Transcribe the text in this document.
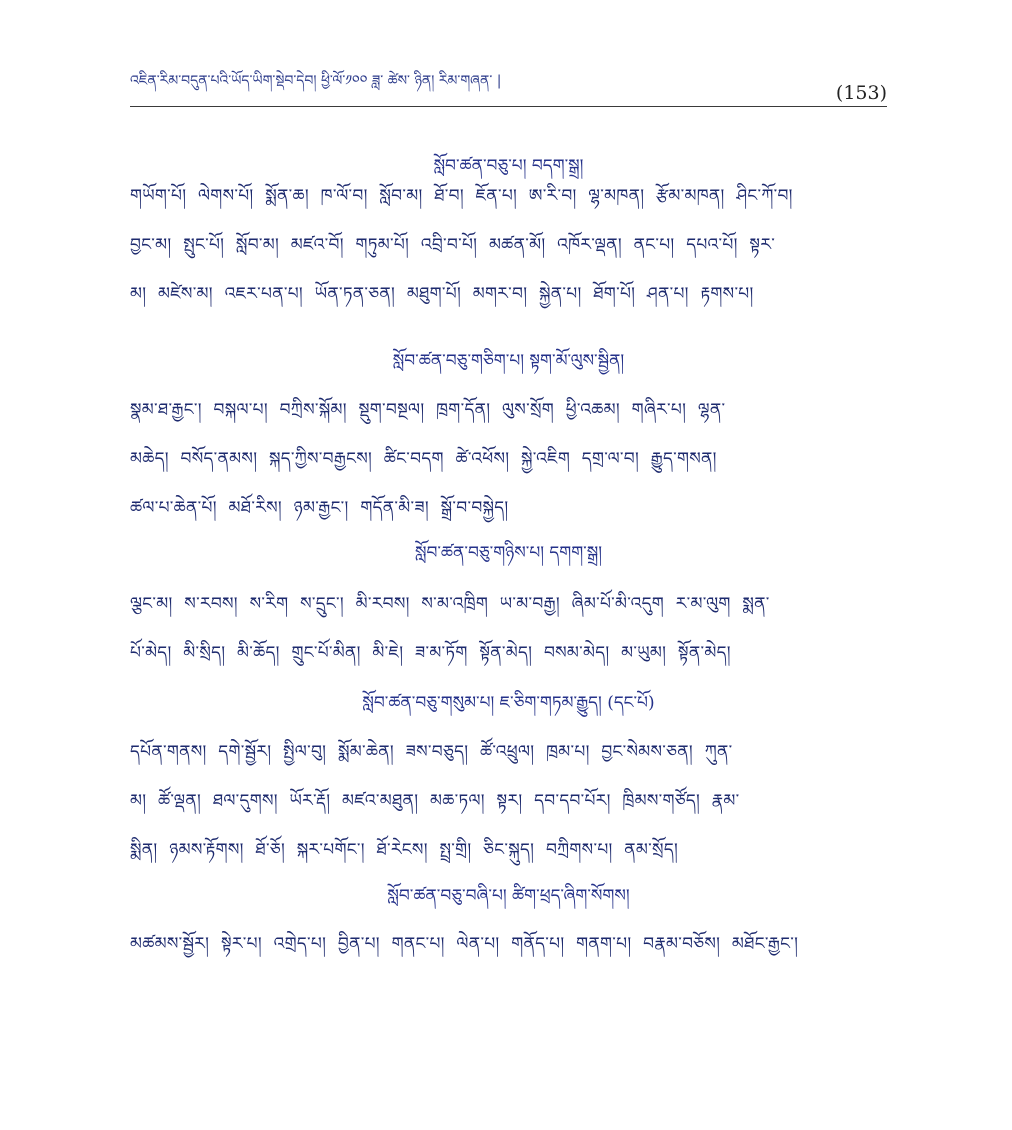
འཇིན་རིམ་བདུན་པའི་ཡོད་ཡིག་སྡེབ་དེབ། ཕྱི་ལོ་༡༠༠ ཟླ་ ཚེས་ ཉིན། རིམ་གཞན་ |
(153)
སློབ་ཚན་བཅུ་པ། བདག་སྒྲ།
གཡོག་པོ། ལེགས་པོ། སྨོན་ཆ། ཁ་ལོ་བ། སློབ་མ། ཐོ་བ། ཇོན་པ། ཨ་རི་བ། ལྷ་མཁན། རྩོམ་མཁན། ཤིང་ཀོ་བ།
བྱང་མ། སྤུང་པོ། སློབ་མ། མཛའ་བོ། གཏུམ་པོ། འབྲི་བ་པོ། མཚན་མོ། འཁོར་ལྡན། ནང་པ། དཔའ་པོ། སྟར་
མ། མཛེས་མ། འཇར་པན་པ། ཡོན་ཏན་ཅན། མཐུག་པོ། མགར་བ། སྐྱེན་པ། ཐོག་པོ། ཤན་པ། རྟགས་པ།
སློབ་ཚན་བཅུ་གཅིག་པ། སྟག་མོ་ལུས་སྦྱིན།
སྣམ་ཐ་རྒྱང་། བསྐལ་པ། བཀྲིས་སྐོམ། སྡུག་བསྔལ། ཁྲག་དོན། ལུས་སྲོག ཕྱི་འཆམ། གཞིར་པ། ལྷན་
མཆེད། བསོད་ནམས། སྐད་ཀྱིས་བརྒྱངས། ཚིང་བདག ཚེ་འཕོས། སྐྱེ་འཇིག དགྲ་ལ་བ། རྒྱུད་གསན།
ཚལ་པ་ཆེན་པོ། མཐོ་རིས། ཉམ་རྒྱང་། གདོན་མི་ཟ། སྒྲོ་བ་བསྐྱེད།
སློབ་ཚན་བཅུ་གཉིས་པ། དགག་སྒྲ།
ལྕང་མ། ས་རབས། ས་རིག ས་དྲུང་། མི་རབས། ས་མ་འཁྲིག ཡ་མ་བརྒྱ། ཞིམ་པོ་མི་འདུག ར་མ་ལུག སྨན་
པོ་མེད། མི་སྲིད། མི་ཆོད། གྲུང་པོ་མིན། མི་ཇེ། ཟ་མ་ཏོག སྟོན་མེད། བསམ་མེད། མ་ཡུམ། སྟོན་མེད།
སློབ་ཚན་བཅུ་གསུམ་པ། ཇ་ཅིག་གཏམ་རྒྱུད། (དང་པོ)
དཔོན་གནས། དགེ་སྦྱོར། སྤྱིལ་བུ། སྨོམ་ཆེན། ཟས་བཅུད། ཚོ་འཕྲུལ། ཁྲམ་པ། བྱང་སེམས་ཅན། ཀུན་
མ། ཚོ་ལྡན། ཐལ་དུགས། ཡོར་རྡོ། མཛའ་མཐུན། མཆ་ཏལ། སྟར། དབ་དབ་པོར། ཁྲིམས་གཙོད། རྣམ་
སྨིན། ཉམས་རྟོགས། ཐོ་ཅོ། སྐར་པགོང་། ཐོ་རེངས། སྤྲ་གྲི། ཅིང་སྐུད། བཀྲིགས་པ། ནམ་སྲོད།
སློབ་ཚན་བཅུ་བཞི་པ། ཚིག་ཕྲད་ཞིག་སོགས།
མཚམས་སྦྱོར། སྟེར་པ། འགྲེད་པ། བྱིན་པ། གནང་པ། ལེན་པ། གནོད་པ། གནག་པ། བརྣམ་བཅོས། མཐོང་རྒྱང་།
